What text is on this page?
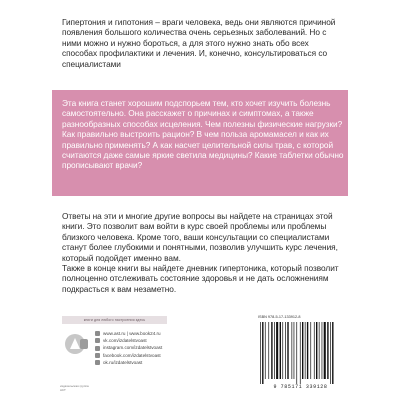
Гипертония и гипотония – враги человека, ведь они являются причиной появления большого количества очень серьезных заболеваний. Но с ними можно и нужно бороться, а для этого нужно знать обо всех способах профилактики и лечения. И, конечно, консультироваться со специалистами
Эта книга станет хорошим подспорьем тем, кто хочет изучить болезнь самостоятельно. Она расскажет о причинах и симптомах, а также разнообразных способах исцеления. Чем полезны физические нагрузки? Как правильно выстроить рацион? В чем польза аромамасел и как их правильно применять? А как насчет целительной силы трав, с которой считаются даже самые яркие светила медицины? Какие таблетки обычно прописывают врачи?

Ответы на эти и многие другие вопросы вы найдете на страницах этой книги. Это позволит вам войти в курс своей проблемы или проблемы близкого человека. Кроме того, ваши консультации со специалистами станут более глубокими и понятными, позволив улучшить курс лечения, который подойдет именно вам.

Также в конце книги вы найдете дневник гипертоника, который позволит полноценно отслеживать состояние здоровья и не дать осложнениям подкрасться к вам незаметно.

книги для любого настроения здесь
издательская группа АСТ
www.ast.ru | www.book24.ru
vk.com/izdatelstvoast
instagram.com/izdatelstvoast
facebook.com/izdatelstvoast
ok.ru/izdatelstvoast
ISBN 978-5-17-133912-8
9 785171 339128
